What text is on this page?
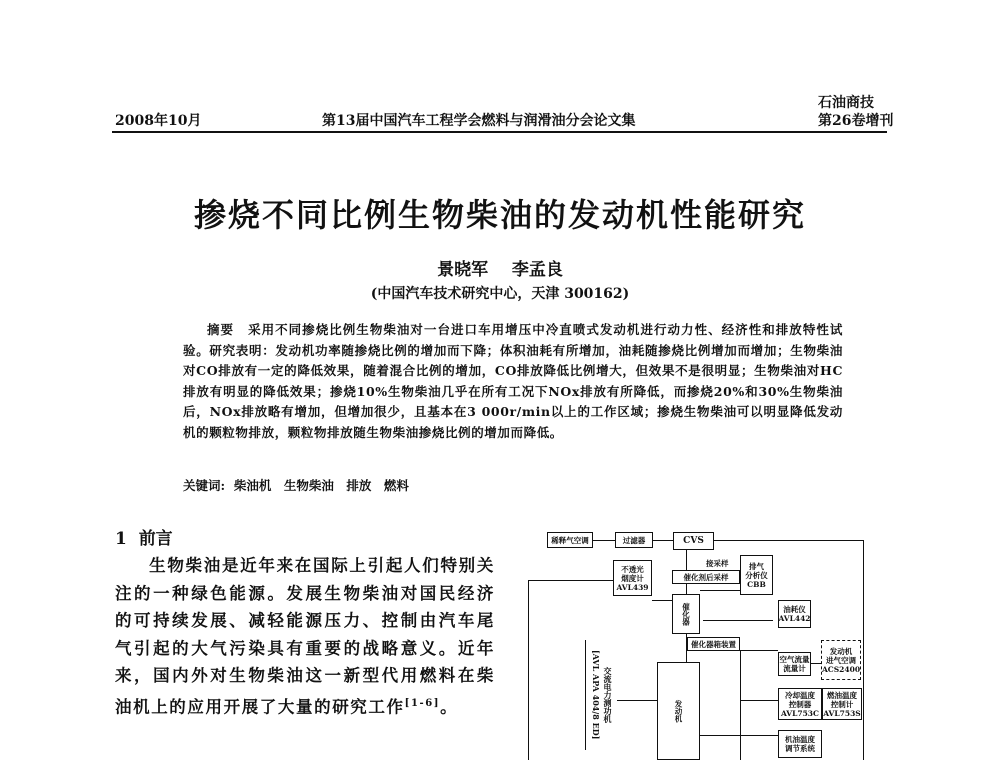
2008年10月	第13届中国汽车工程学会燃料与润滑油分会论文集
石油商技
第26卷增刊
掺烧不同比例生物柴油的发动机性能研究
景晓军 李孟良
(中国汽车技术研究中心，天津 300162)
摘要 采用不同掺烧比例生物柴油对一台进口车用增压中冷直喷式发动机进行动力性、经济性和排放特性试验。研究表明：发动机功率随掺烧比例的增加而下降；体积油耗有所增加，油耗随掺烧比例增加而增加；生物柴油对CO排放有一定的降低效果，随着混合比例的增加，CO排放降低比例增大，但效果不是很明显；生物柴油对HC排放有明显的降低效果；掺烧10%生物柴油几乎在所有工况下NOx排放有所降低，而掺烧20%和30%生物柴油后，NOx排放略有增加，但增加很少，且基本在3 000r/min以上的工作区域；掺烧生物柴油可以明显降低发动机的颗粒物排放，颗粒物排放随生物柴油掺烧比例的增加而降低。
关键词: 柴油机　生物柴油　排放　燃料
1 前言
生物柴油是近年来在国际上引起人们特别关注的一种绿色能源。发展生物柴油对国民经济的可持续发展、减轻能源压力、控制由汽车尾气引起的大气污染具有重要的战略意义。近年来，国内外对生物柴油这一新型代用燃料在柴油机上的应用开展了大量的研究工作[1-6]。
稀释气空调	过滤器	CVS
不透光
烟度计
AVL439
接采样	排气
分析仪
CBB
催化剂后采样
催化器	油耗仪
AVL442
催化器箱装置
空气流量
流量计
发动机
进气空调
ACS2400
[AVL APA 404/8 ED] 交流电力测功机	发动机
冷却温度
控制器
AVL753C
燃油温度
控制计
AVL753S
机油温度
调节系统
